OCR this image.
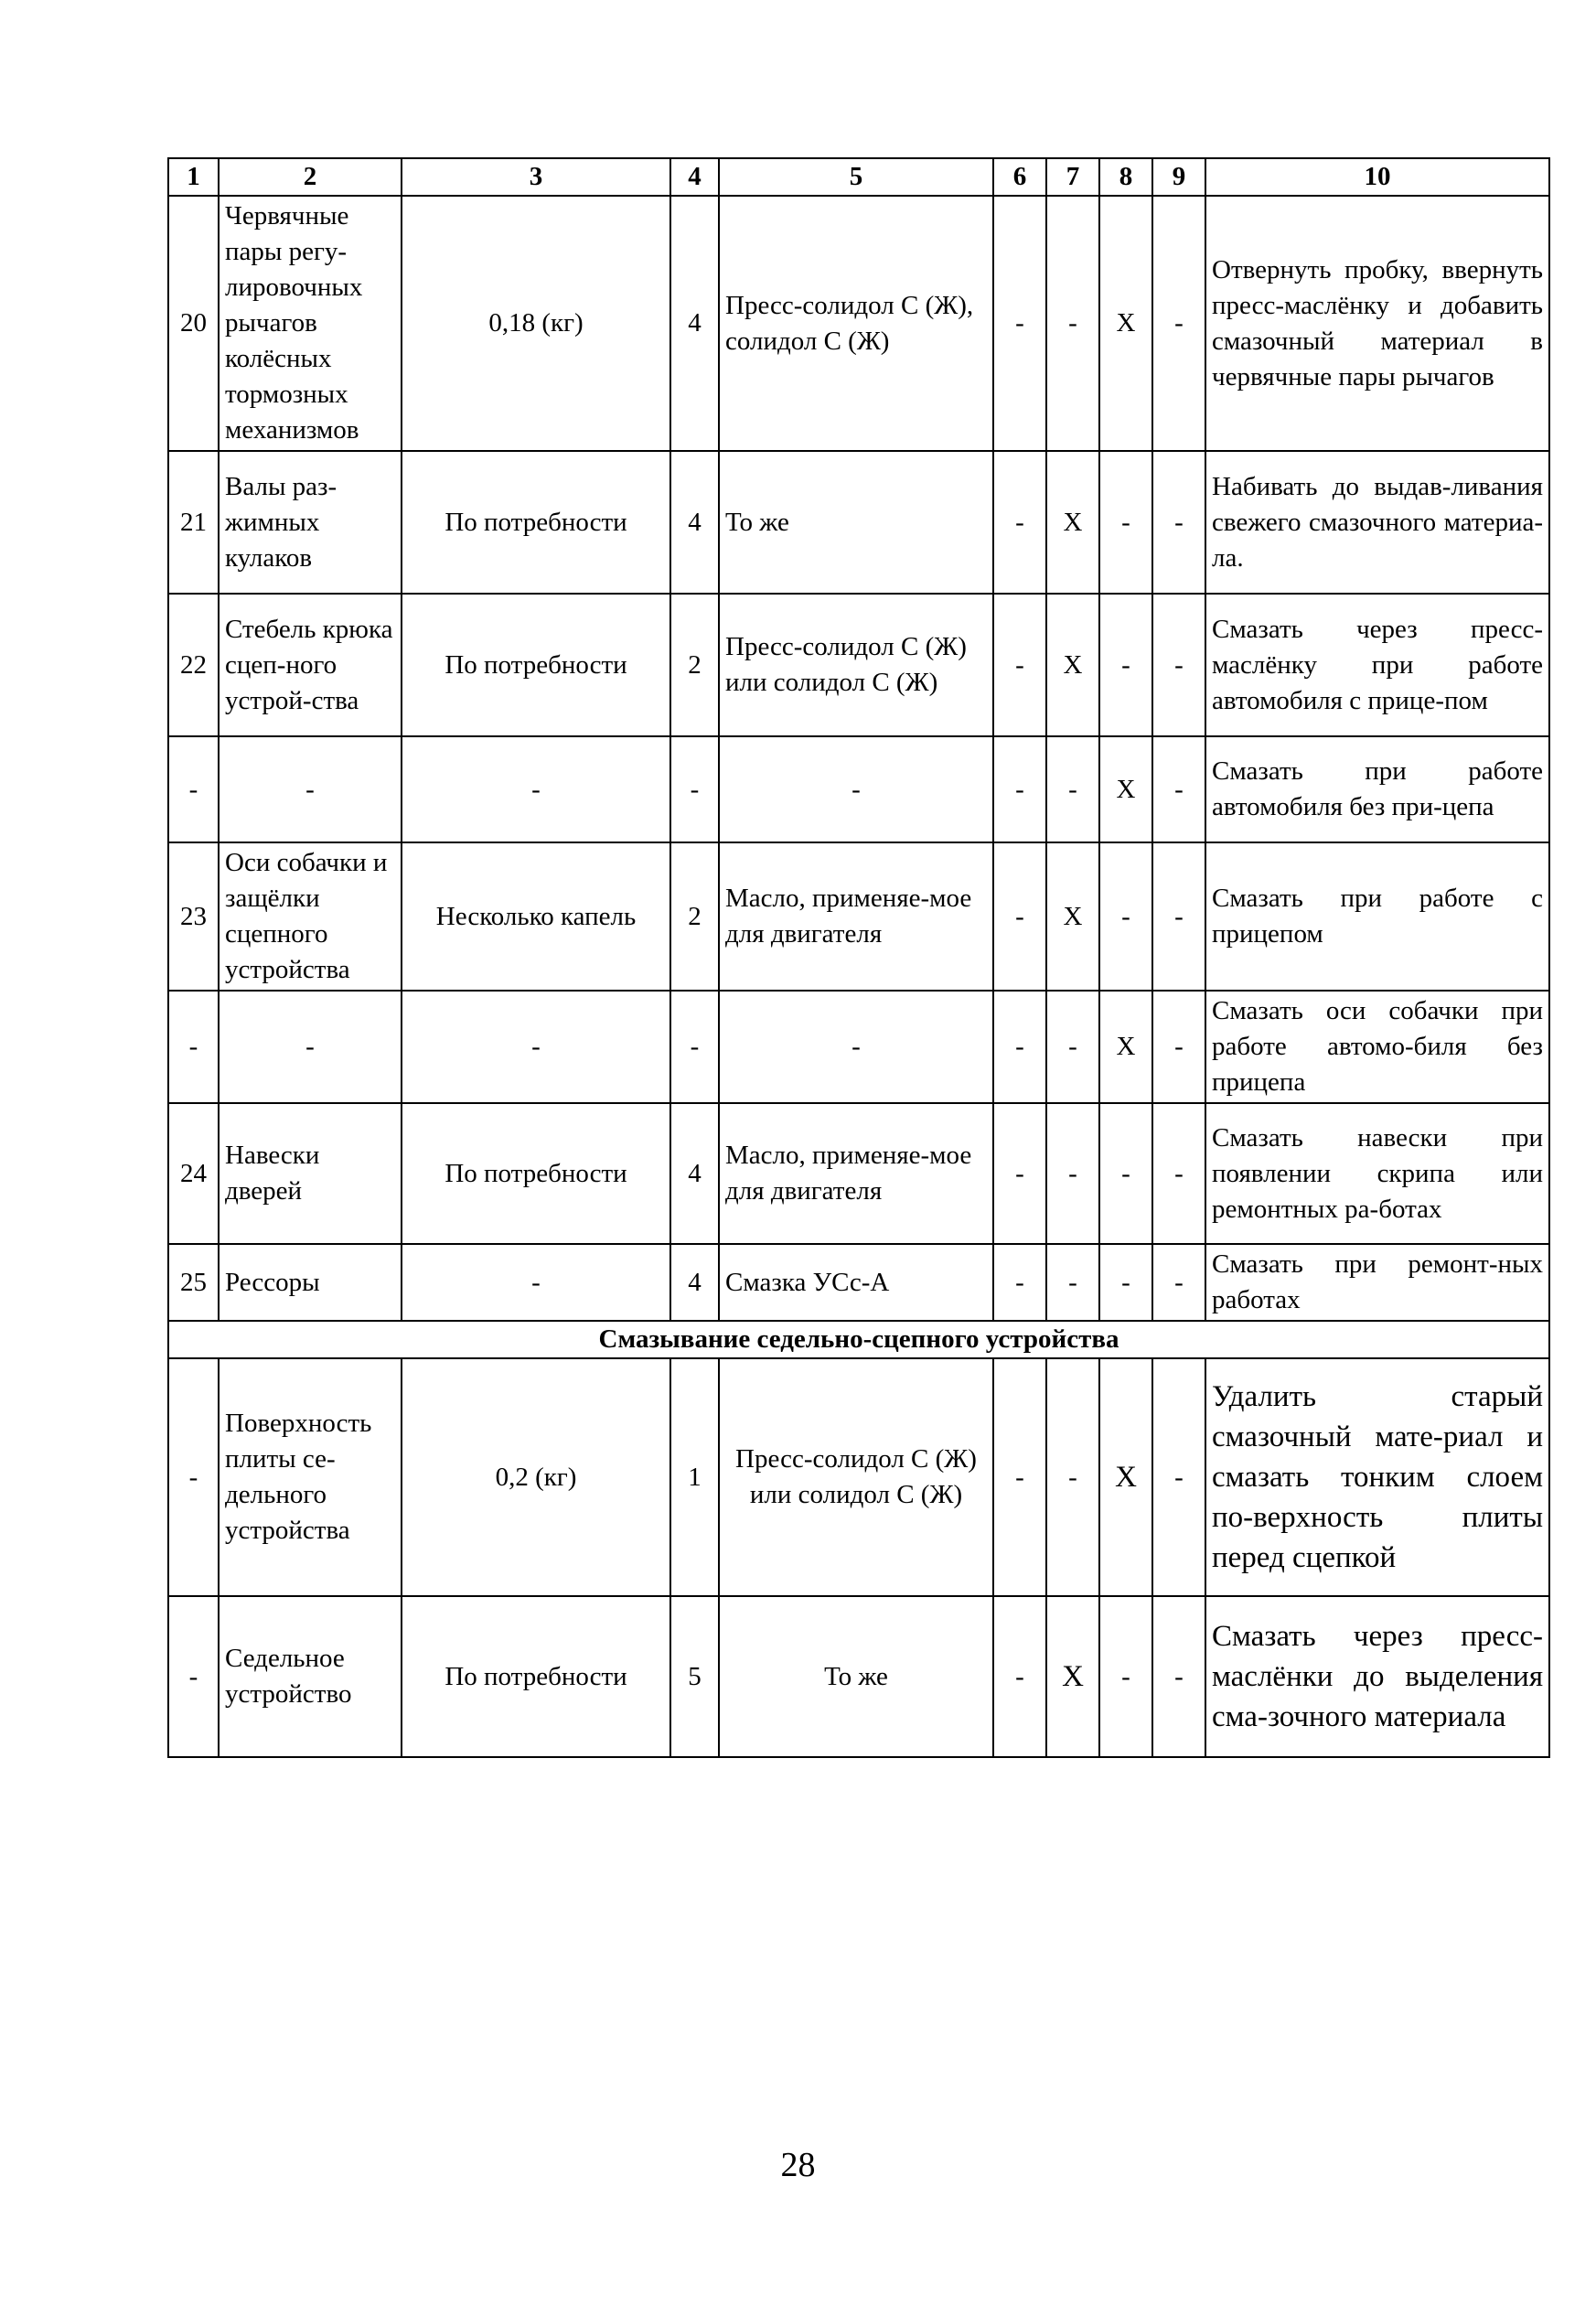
1	2	3	4	5	6	7	8	9	10
20	Червячные пары регу-лировочных рычагов колёсных тормозных механизмов	0,18 (кг)	4	Пресс-солидол С (Ж), солидол С (Ж)	-	-	Х	-	Отвернуть пробку, ввернуть пресс-маслёнку и добавить смазочный материал в червячные пары рычагов
21	Валы раз-жимных кулаков	По потребности	4	То же	-	Х	-	-	Набивать до выдав-ливания свежего смазочного материа-ла.
22	Стебель крюка сцеп-ного устрой-ства	По потребности	2	Пресс-солидол С (Ж) или солидол С (Ж)	-	Х	-	-	Смазать через пресс-маслёнку при работе автомобиля с прице-пом
-	-	-	-	-	-	-	Х	-	Смазать при работе автомобиля без при-цепа
23	Оси собачки и защёлки сцепного устройства	Несколько капель	2	Масло, применяе-мое для двигателя	-	Х	-	-	Смазать при работе с прицепом
-	-	-	-	-	-	-	Х	-	Смазать оси собачки при работе автомо-биля без прицепа
24	Навески дверей	По потребности	4	Масло, применяе-мое для двигателя	-	-	-	-	Смазать навески при появлении скрипа или ремонтных ра-ботах
25	Рессоры	-	4	Смазка УСс-А	-	-	-	-	Смазать при ремонт-ных работах
Смазывание седельно-сцепного устройства									
-	Поверхность плиты се-дельного устройства	0,2 (кг)	1	Пресс-солидол С (Ж) или солидол С (Ж)	-	-	Х	-	Удалить старый смазочный мате-риал и смазать тонким слоем по-верхность плиты перед сцепкой
-	Седельное устройство	По потребности	5	То же	-	Х	-	-	Смазать через пресс-маслёнки до выделения сма-зочного материала
28
